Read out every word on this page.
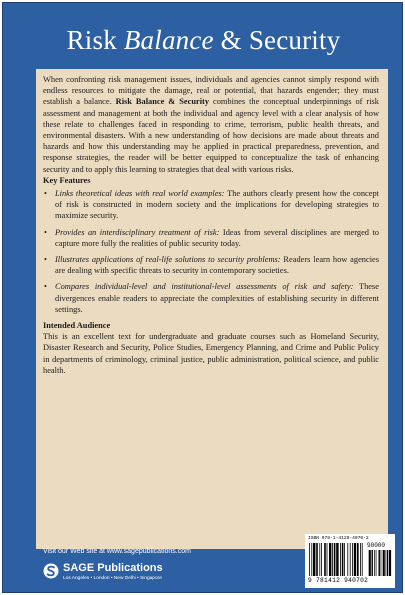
Risk Balance & Security

When confronting risk management issues, individuals and agencies cannot simply respond with endless resources to mitigate the damage, real or potential, that hazards engender; they must establish a balance. Risk Balance & Security combines the conceptual underpinnings of risk assessment and management at both the individual and agency level with a clear analysis of how these relate to challenges faced in responding to crime, terrorism, public health threats, and environmental disasters. With a new understanding of how decisions are made about threats and hazards and how this understanding may be applied in practical preparedness, prevention, and response strategies, the reader will be better equipped to conceptualize the task of enhancing security and to apply this learning to strategies that deal with various risks.

Key Features

• Links theoretical ideas with real world examples: The authors clearly present how the concept of risk is constructed in modern society and the implications for developing strategies to maximize security.
• Provides an interdisciplinary treatment of risk: Ideas from several disciplines are merged to capture more fully the realities of public security today.
• Illustrates applications of real-life solutions to security problems: Readers learn how agencies are dealing with specific threats to security in contemporary societies.
• Compares individual-level and institutional-level assessments of risk and safety: These divergences enable readers to appreciate the complexities of establishing security in different settings.

Intended Audience

This is an excellent text for undergraduate and graduate courses such as Homeland Security, Disaster Research and Security, Police Studies, Emergency Planning, and Crime and Public Policy in departments of criminology, criminal justice, public administration, political science, and public health.

Visit our Web site at www.sagepublications.com
SAGE Publications
Los Angeles • London • New Delhi • Singapore
ISBN 978-1-4129-4070-2
90000
9 781412 940702
